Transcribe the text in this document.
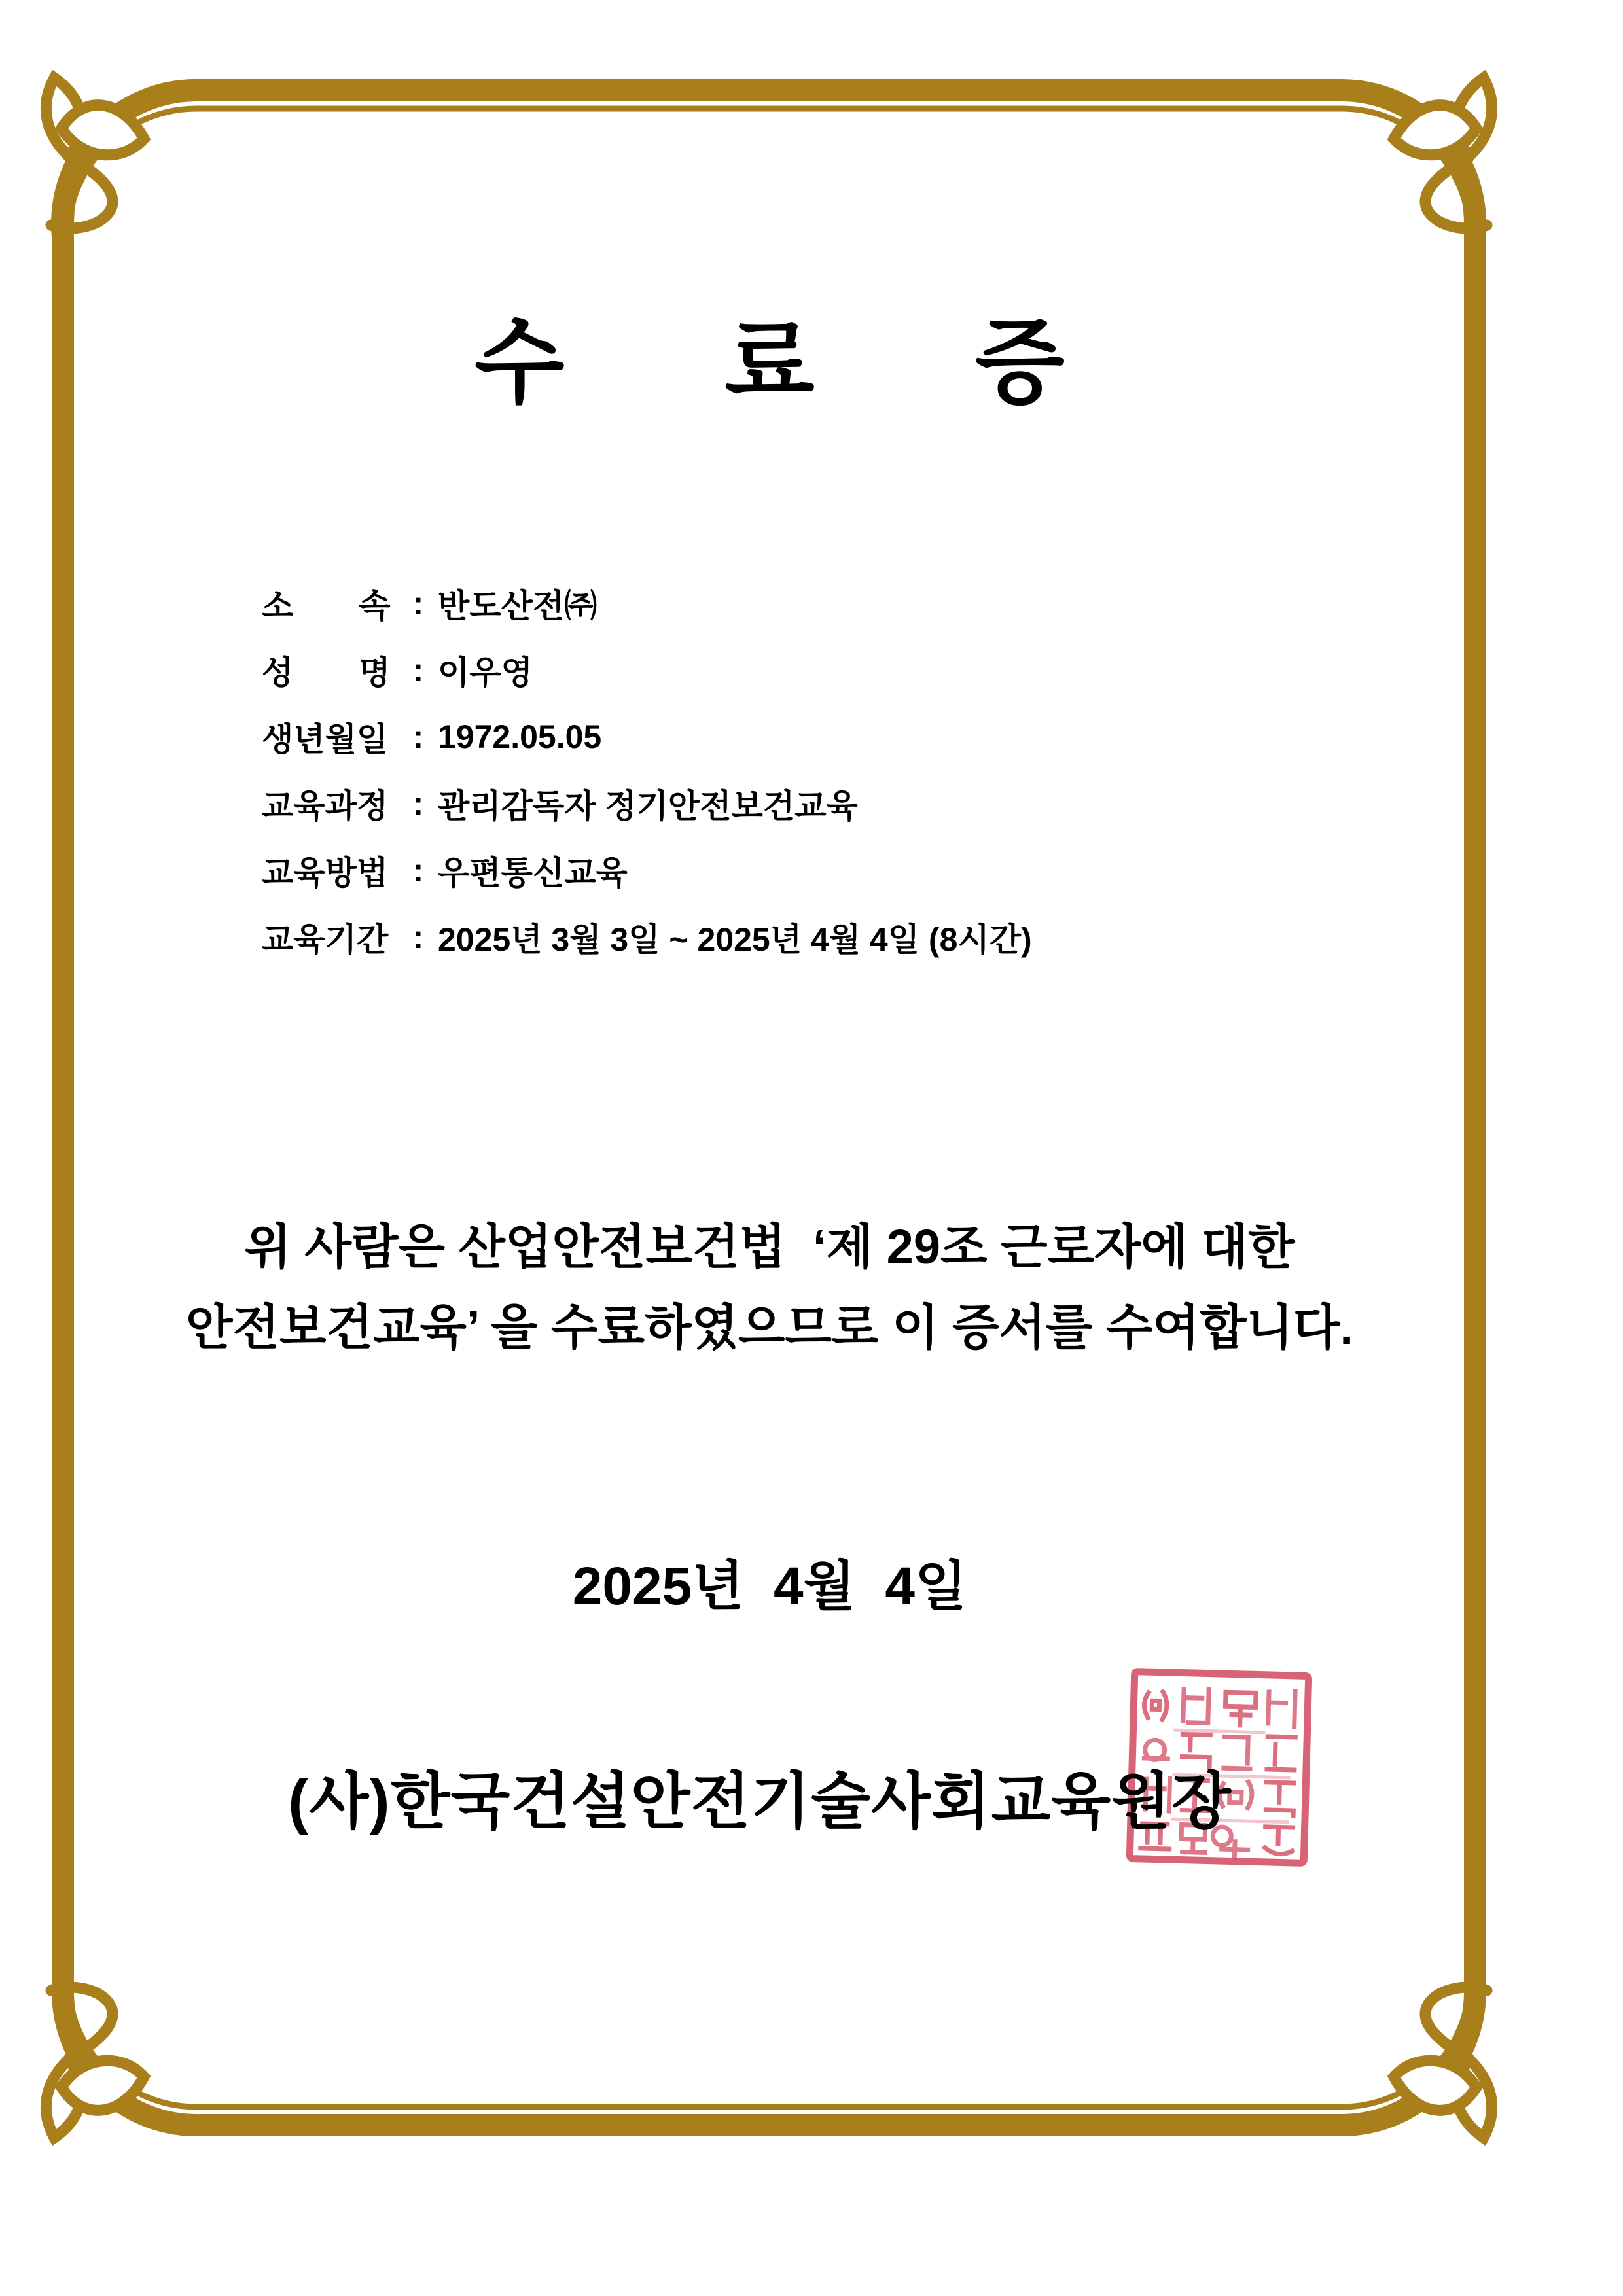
수료증
소　　속 : 반도산전㈜
성　　명 : 이우영
생년월일 : 1972.05.05
교육과정 : 관리감독자 정기안전보건교육
교육방법 : 우편통신교육
교육기간 : 2025년 3월 3일 ~ 2025년 4월 4일 (8시간)
위 사람은 산업안전보건법  ‘제 29조 근로자에 대한
안전보건교육’ 을 수료하였으므로 이 증서를 수여합니다.
2025년  4월  4일
(사)한국건설안전기술사회교육원장
